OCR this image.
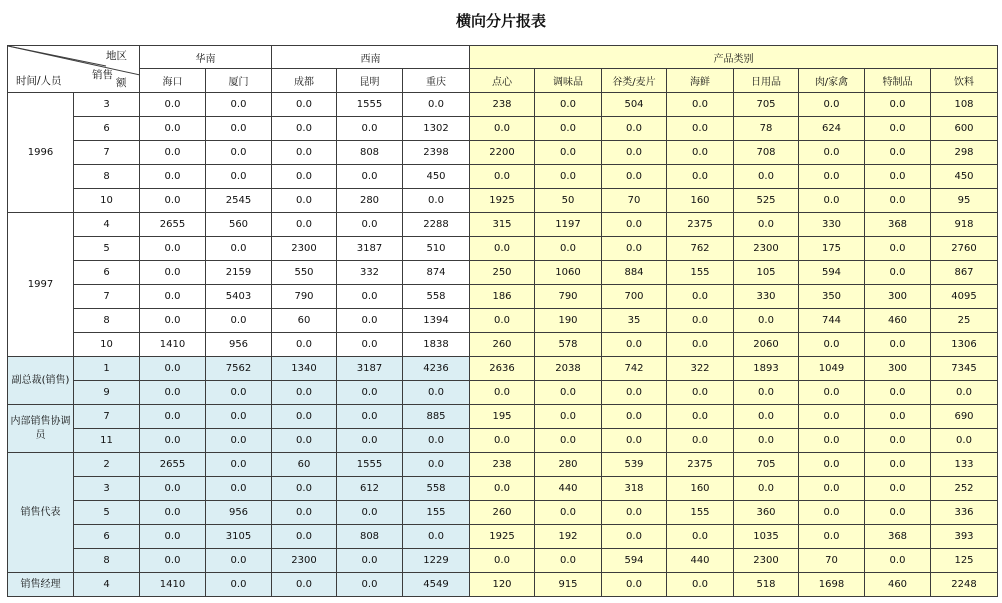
横向分片报表
地区
销售
额
时间/人员		华南		西南			产品类别							
		海口	厦门	成都	昆明	重庆	点心	调味品	谷类/麦片	海鲜	日用品	肉/家禽	特制品	饮料
1996	3	0.0	0.0	0.0	1555	0.0	238	0.0	504	0.0	705	0.0	0.0	108
	6	0.0	0.0	0.0	0.0	1302	0.0	0.0	0.0	0.0	78	624	0.0	600
	7	0.0	0.0	0.0	808	2398	2200	0.0	0.0	0.0	708	0.0	0.0	298
	8	0.0	0.0	0.0	0.0	450	0.0	0.0	0.0	0.0	0.0	0.0	0.0	450
	10	0.0	2545	0.0	280	0.0	1925	50	70	160	525	0.0	0.0	95
1997	4	2655	560	0.0	0.0	2288	315	1197	0.0	2375	0.0	330	368	918
	5	0.0	0.0	2300	3187	510	0.0	0.0	0.0	762	2300	175	0.0	2760
	6	0.0	2159	550	332	874	250	1060	884	155	105	594	0.0	867
	7	0.0	5403	790	0.0	558	186	790	700	0.0	330	350	300	4095
	8	0.0	0.0	60	0.0	1394	0.0	190	35	0.0	0.0	744	460	25
	10	1410	956	0.0	0.0	1838	260	578	0.0	0.0	2060	0.0	0.0	1306
副总裁(销售)	1	0.0	7562	1340	3187	4236	2636	2038	742	322	1893	1049	300	7345
	9	0.0	0.0	0.0	0.0	0.0	0.0	0.0	0.0	0.0	0.0	0.0	0.0	0.0
内部销售协调员	7	0.0	0.0	0.0	0.0	885	195	0.0	0.0	0.0	0.0	0.0	0.0	690
	11	0.0	0.0	0.0	0.0	0.0	0.0	0.0	0.0	0.0	0.0	0.0	0.0	0.0
销售代表	2	2655	0.0	60	1555	0.0	238	280	539	2375	705	0.0	0.0	133
	3	0.0	0.0	0.0	612	558	0.0	440	318	160	0.0	0.0	0.0	252
	5	0.0	956	0.0	0.0	155	260	0.0	0.0	155	360	0.0	0.0	336
	6	0.0	3105	0.0	808	0.0	1925	192	0.0	0.0	1035	0.0	368	393
	8	0.0	0.0	2300	0.0	1229	0.0	0.0	594	440	2300	70	0.0	125
销售经理	4	1410	0.0	0.0	0.0	4549	120	915	0.0	0.0	518	1698	460	2248
